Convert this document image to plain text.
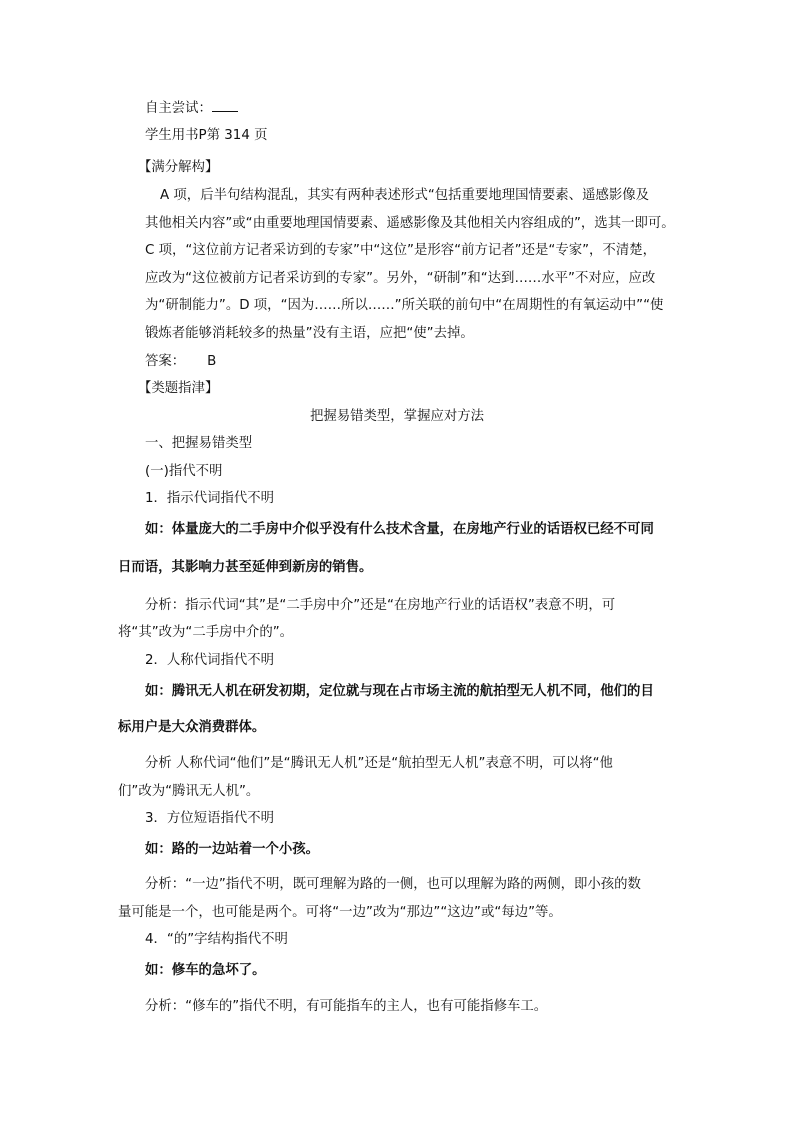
自主尝试：
学生用书P第 314 页
【满分解构】
A 项，后半句结构混乱，其实有两种表述形式“包括重要地理国情要素、遥感影像及
其他相关内容”或“由重要地理国情要素、遥感影像及其他相关内容组成的”，选其一即可。
C 项，“这位前方记者采访到的专家”中“这位”是形容“前方记者”还是“专家”，不清楚，
应改为“这位被前方记者采访到的专家”。另外，“研制”和“达到……水平”不对应，应改
为“研制能力”。D 项，“因为……所以……”所关联的前句中“在周期性的有氧运动中”“使
锻炼者能够消耗较多的热量”没有主语，应把“使”去掉。
答案： B
【类题指津】
把握易错类型，掌握应对方法
一、把握易错类型
(一)指代不明
1．指示代词指代不明
如：体量庞大的二手房中介似乎没有什么技术含量，在房地产行业的话语权已经不可同
日而语，其影响力甚至延伸到新房的销售。
分析：指示代词“其”是“二手房中介”还是“在房地产行业的话语权”表意不明，可
将“其”改为“二手房中介的”。
2．人称代词指代不明
如：腾讯无人机在研发初期，定位就与现在占市场主流的航拍型无人机不同，他们的目
标用户是大众消费群体。
分析 人称代词“他们”是“腾讯无人机”还是“航拍型无人机”表意不明，可以将“他
们”改为“腾讯无人机”。
3．方位短语指代不明
如：路的一边站着一个小孩。
分析：“一边”指代不明，既可理解为路的一侧，也可以理解为路的两侧，即小孩的数
量可能是一个，也可能是两个。可将“一边”改为“那边”“这边”或“每边”等。
4．“的”字结构指代不明
如：修车的急坏了。
分析：“修车的”指代不明，有可能指车的主人，也有可能指修车工。
